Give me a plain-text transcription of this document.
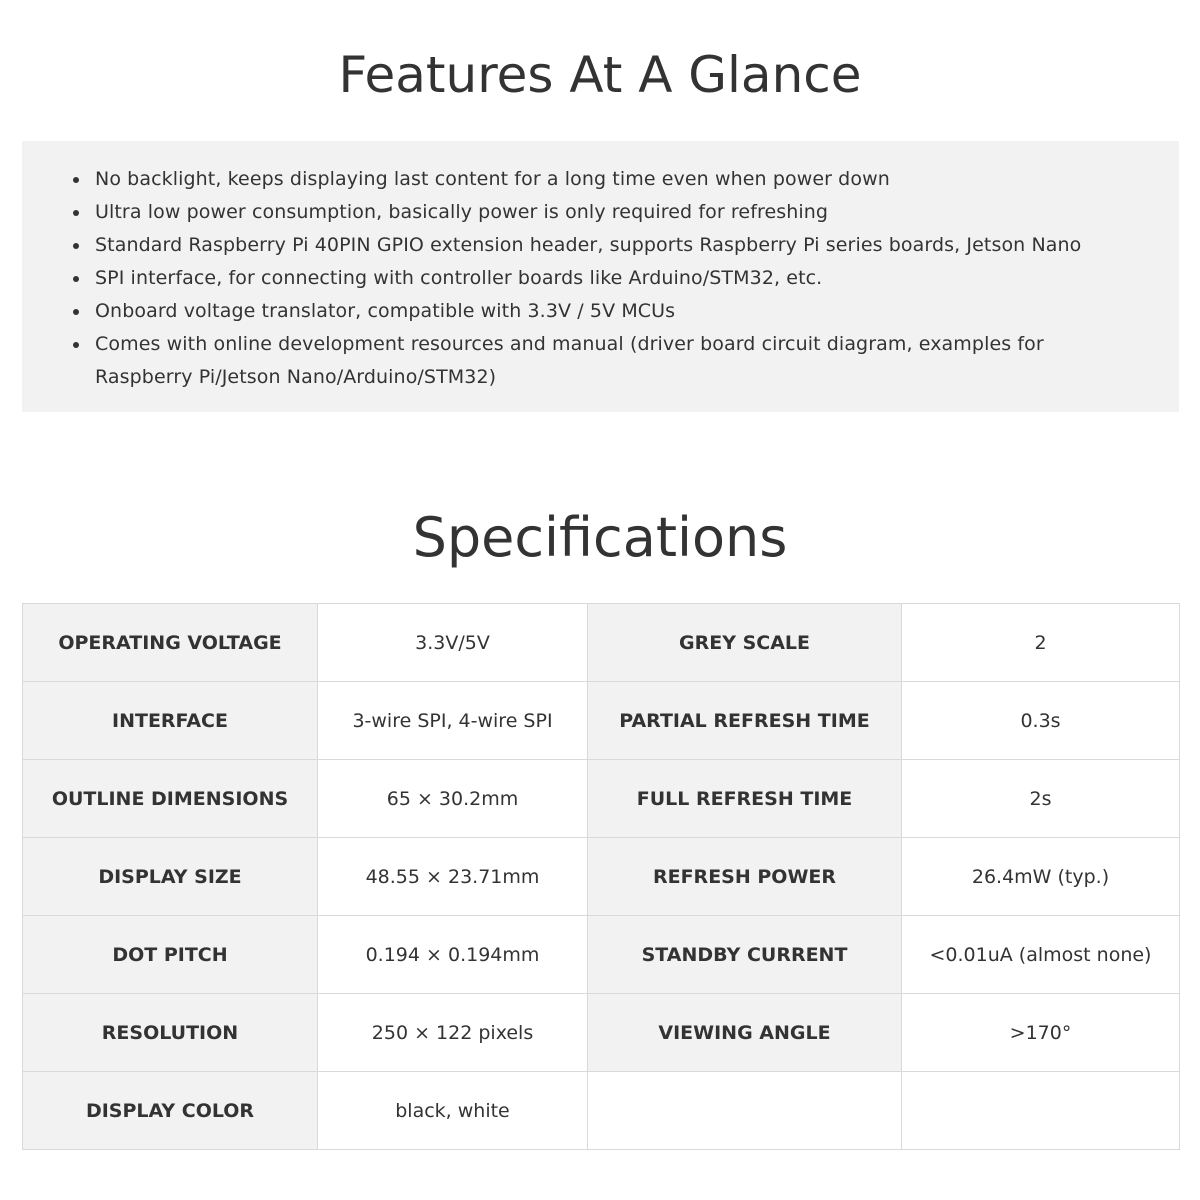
Features At A Glance
No backlight, keeps displaying last content for a long time even when power down
Ultra low power consumption, basically power is only required for refreshing
Standard Raspberry Pi 40PIN GPIO extension header, supports Raspberry Pi series boards, Jetson Nano
SPI interface, for connecting with controller boards like Arduino/STM32, etc.
Onboard voltage translator, compatible with 3.3V / 5V MCUs
Comes with online development resources and manual (driver board circuit diagram, examples for Raspberry Pi/Jetson Nano/Arduino/STM32)
Specifications
OPERATING VOLTAGE	3.3V/5V	GREY SCALE	2
INTERFACE	3-wire SPI, 4-wire SPI	PARTIAL REFRESH TIME	0.3s
OUTLINE DIMENSIONS	65 × 30.2mm	FULL REFRESH TIME	2s
DISPLAY SIZE	48.55 × 23.71mm	REFRESH POWER	26.4mW (typ.)
DOT PITCH	0.194 × 0.194mm	STANDBY CURRENT	<0.01uA (almost none)
RESOLUTION	250 × 122 pixels	VIEWING ANGLE	>170°
DISPLAY COLOR	black, white		
